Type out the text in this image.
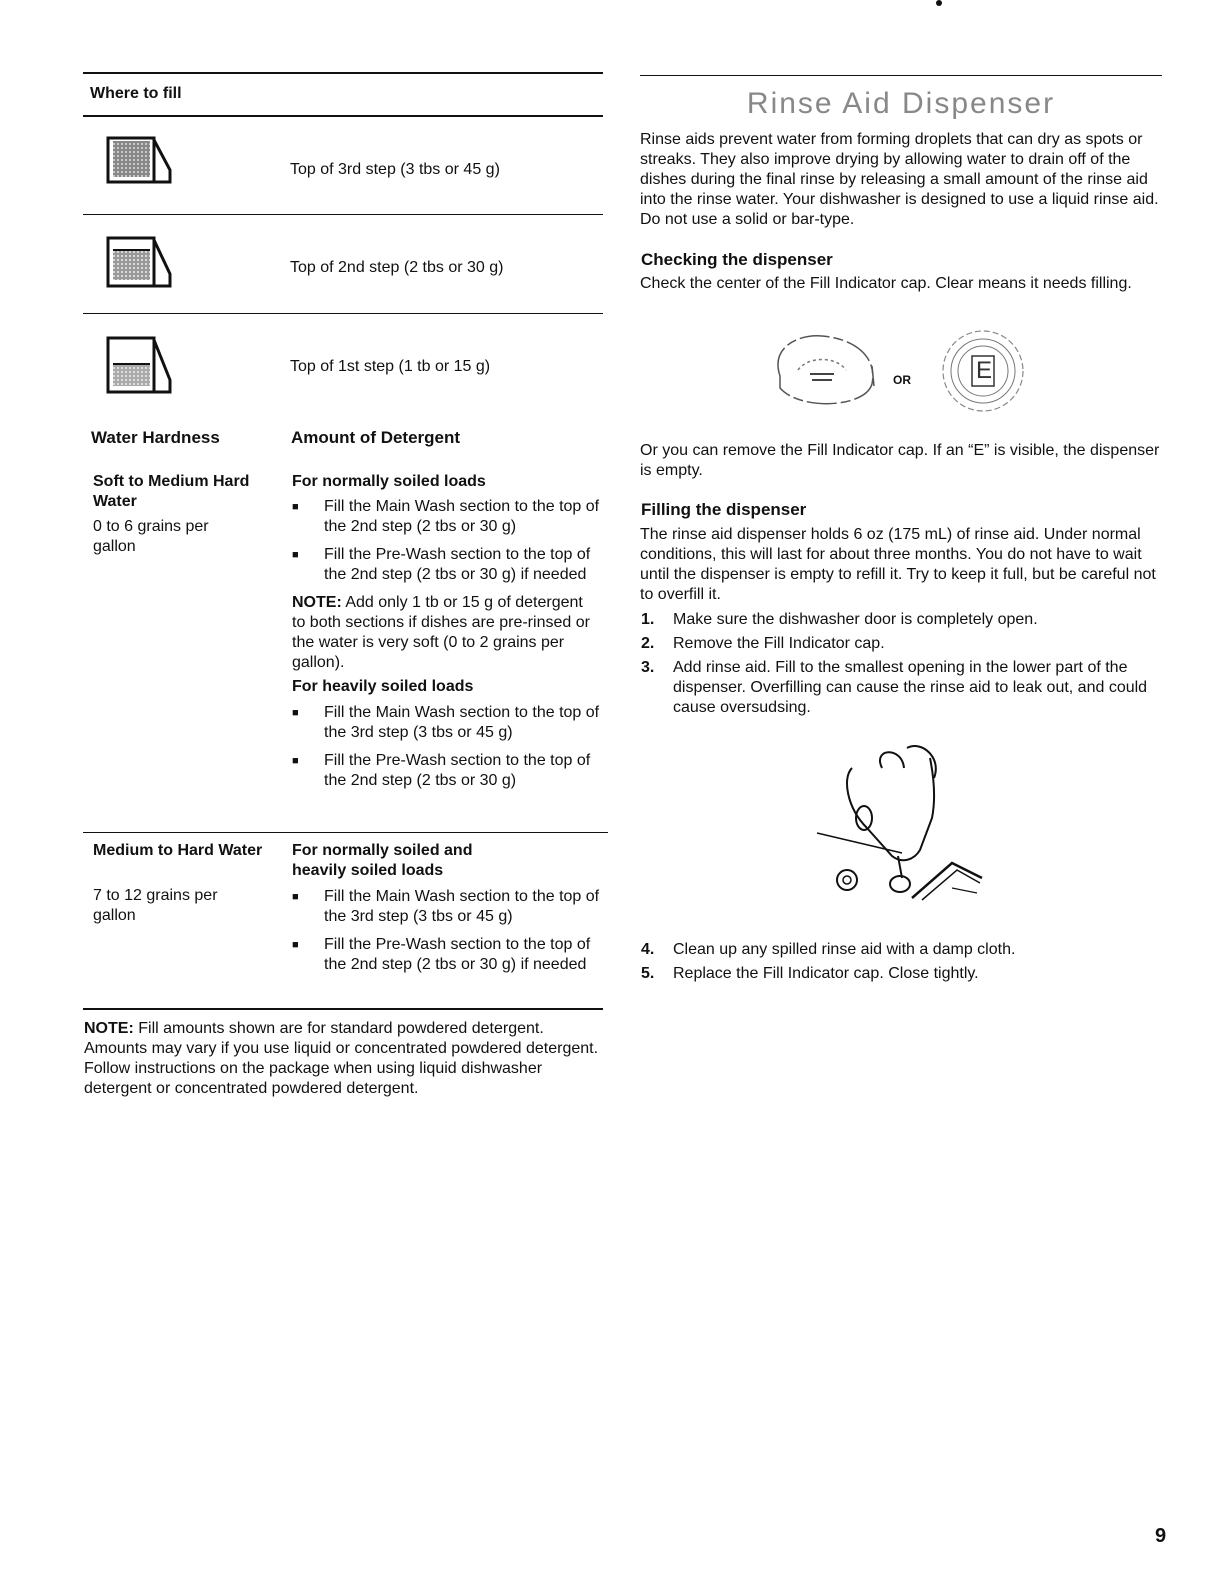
Where to fill
Top of 3rd step (3 tbs or 45 g)
Top of 2nd step (2 tbs or 30 g)
Top of 1st step (1 tb or 15 g)
Water Hardness	Amount of Detergent
Soft to Medium Hard Water
0 to 6 grains per gallon
For normally soiled loads
■ Fill the Main Wash section to the top of the 2nd step (2 tbs or 30 g)
■ Fill the Pre-Wash section to the top of the 2nd step (2 tbs or 30 g) if needed
NOTE: Add only 1 tb or 15 g of detergent to both sections if dishes are pre-rinsed or the water is very soft (0 to 2 grains per gallon).
For heavily soiled loads
■ Fill the Main Wash section to the top of the 3rd step (3 tbs or 45 g)
■ Fill the Pre-Wash section to the top of the 2nd step (2 tbs or 30 g)
Medium to Hard Water
7 to 12 grains per gallon
For normally soiled and heavily soiled loads
■ Fill the Main Wash section to the top of the 3rd step (3 tbs or 45 g)
■ Fill the Pre-Wash section to the top of the 2nd step (2 tbs or 30 g) if needed
NOTE: Fill amounts shown are for standard powdered detergent. Amounts may vary if you use liquid or concentrated powdered detergent. Follow instructions on the package when using liquid dishwasher detergent or concentrated powdered detergent.
Rinse Aid Dispenser
Rinse aids prevent water from forming droplets that can dry as spots or streaks. They also improve drying by allowing water to drain off of the dishes during the final rinse by releasing a small amount of the rinse aid into the rinse water. Your dishwasher is designed to use a liquid rinse aid. Do not use a solid or bar-type.
Checking the dispenser
Check the center of the Fill Indicator cap. Clear means it needs filling.
OR	E
Or you can remove the Fill Indicator cap. If an “E” is visible, the dispenser is empty.
Filling the dispenser
The rinse aid dispenser holds 6 oz (175 mL) of rinse aid. Under normal conditions, this will last for about three months. You do not have to wait until the dispenser is empty to refill it. Try to keep it full, but be careful not to overfill it.
1. Make sure the dishwasher door is completely open.
2. Remove the Fill Indicator cap.
3. Add rinse aid. Fill to the smallest opening in the lower part of the dispenser. Overfilling can cause the rinse aid to leak out, and could cause oversudsing.
4. Clean up any spilled rinse aid with a damp cloth.
5. Replace the Fill Indicator cap. Close tightly.
9
